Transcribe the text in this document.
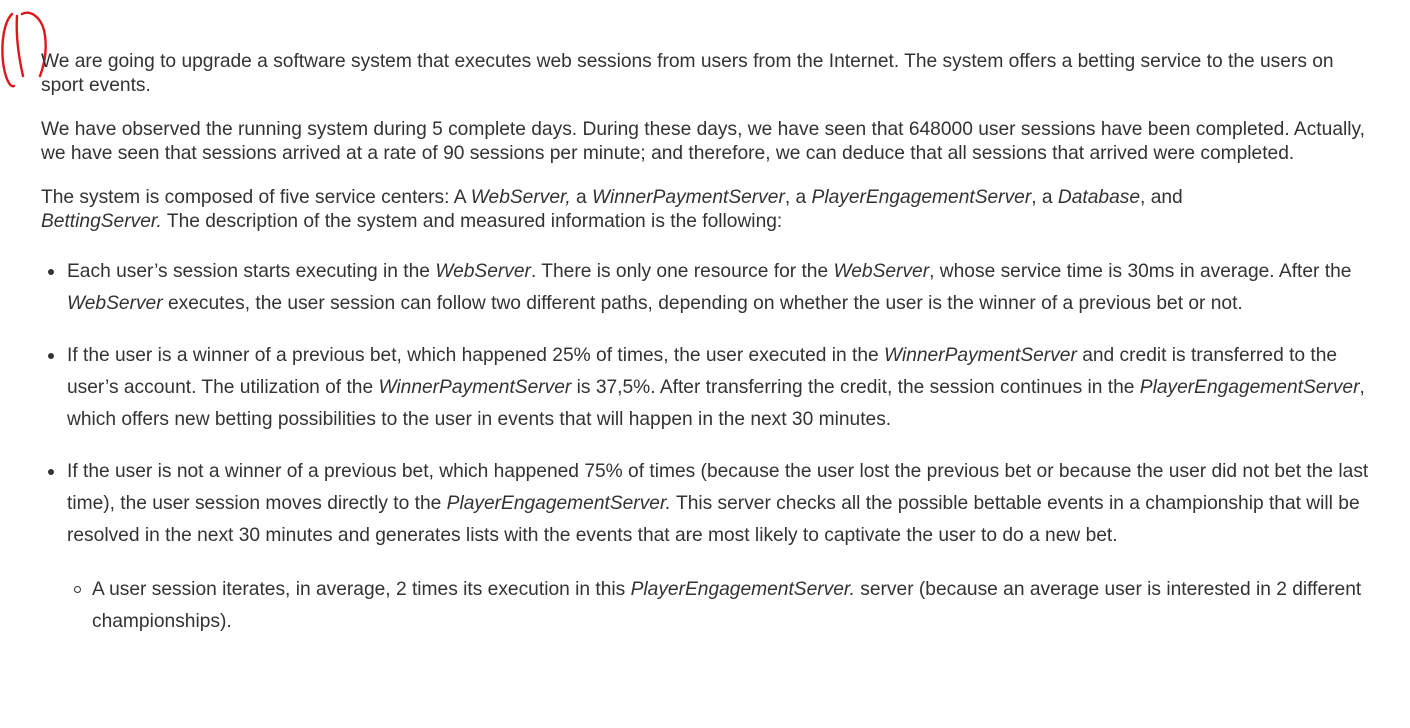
We are going to upgrade a software system that executes web sessions from users from the Internet. The system offers a betting service to the users on sport events.

We have observed the running system during 5 complete days. During these days, we have seen that 648000 user sessions have been completed. Actually, we have seen that sessions arrived at a rate of 90 sessions per minute; and therefore, we can deduce that all sessions that arrived were completed.

The system is composed of five service centers: A WebServer, a WinnerPaymentServer, a PlayerEngagementServer, a Database, and
BettingServer. The description of the system and measured information is the following:

Each user’s session starts executing in the WebServer. There is only one resource for the WebServer, whose service time is 30ms in average. After the WebServer executes, the user session can follow two different paths, depending on whether the user is the winner of a previous bet or not.
If the user is a winner of a previous bet, which happened 25% of times, the user executed in the WinnerPaymentServer and credit is transferred to the user’s account. The utilization of the WinnerPaymentServer is 37,5%. After transferring the credit, the session continues in the PlayerEngagementServer, which offers new betting possibilities to the user in events that will happen in the next 30 minutes.
If the user is not a winner of a previous bet, which happened 75% of times (because the user lost the previous bet or because the user did not bet the last time), the user session moves directly to the PlayerEngagementServer. This server checks all the possible bettable events in a championship that will be resolved in the next 30 minutes and generates lists with the events that are most likely to captivate the user to do a new bet.
A user session iterates, in average, 2 times its execution in this PlayerEngagementServer. server (because an average user is interested in 2 different championships).
